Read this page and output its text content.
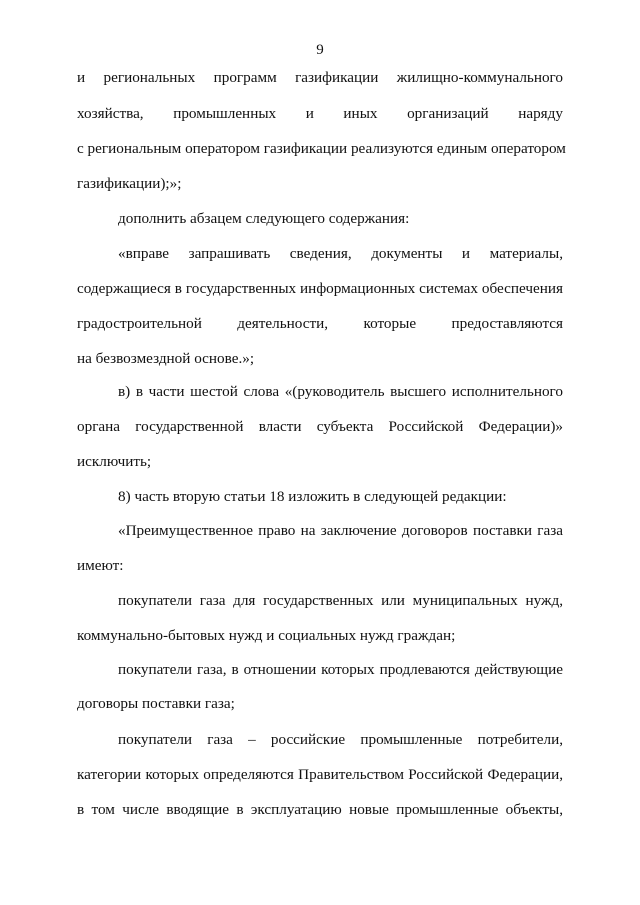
9
и региональных программ газификации жилищно-коммунального
хозяйства, промышленных и иных организаций наряду
с региональным оператором газификации реализуются единым оператором
газификации);»;
дополнить абзацем следующего содержания:
«вправе запрашивать сведения, документы и материалы,
содержащиеся в государственных информационных системах обеспечения
градостроительной деятельности, которые предоставляются
на безвозмездной основе.»;
в) в части шестой слова «(руководитель высшего исполнительного
органа государственной власти субъекта Российской Федерации)»
исключить;
8) часть вторую статьи 18 изложить в следующей редакции:
«Преимущественное право на заключение договоров поставки газа
имеют:
покупатели газа для государственных или муниципальных нужд,
коммунально-бытовых нужд и социальных нужд граждан;
покупатели газа, в отношении которых продлеваются действующие
договоры поставки газа;
покупатели газа – российские промышленные потребители,
категории которых определяются Правительством Российской Федерации,
в том числе вводящие в эксплуатацию новые промышленные объекты,
